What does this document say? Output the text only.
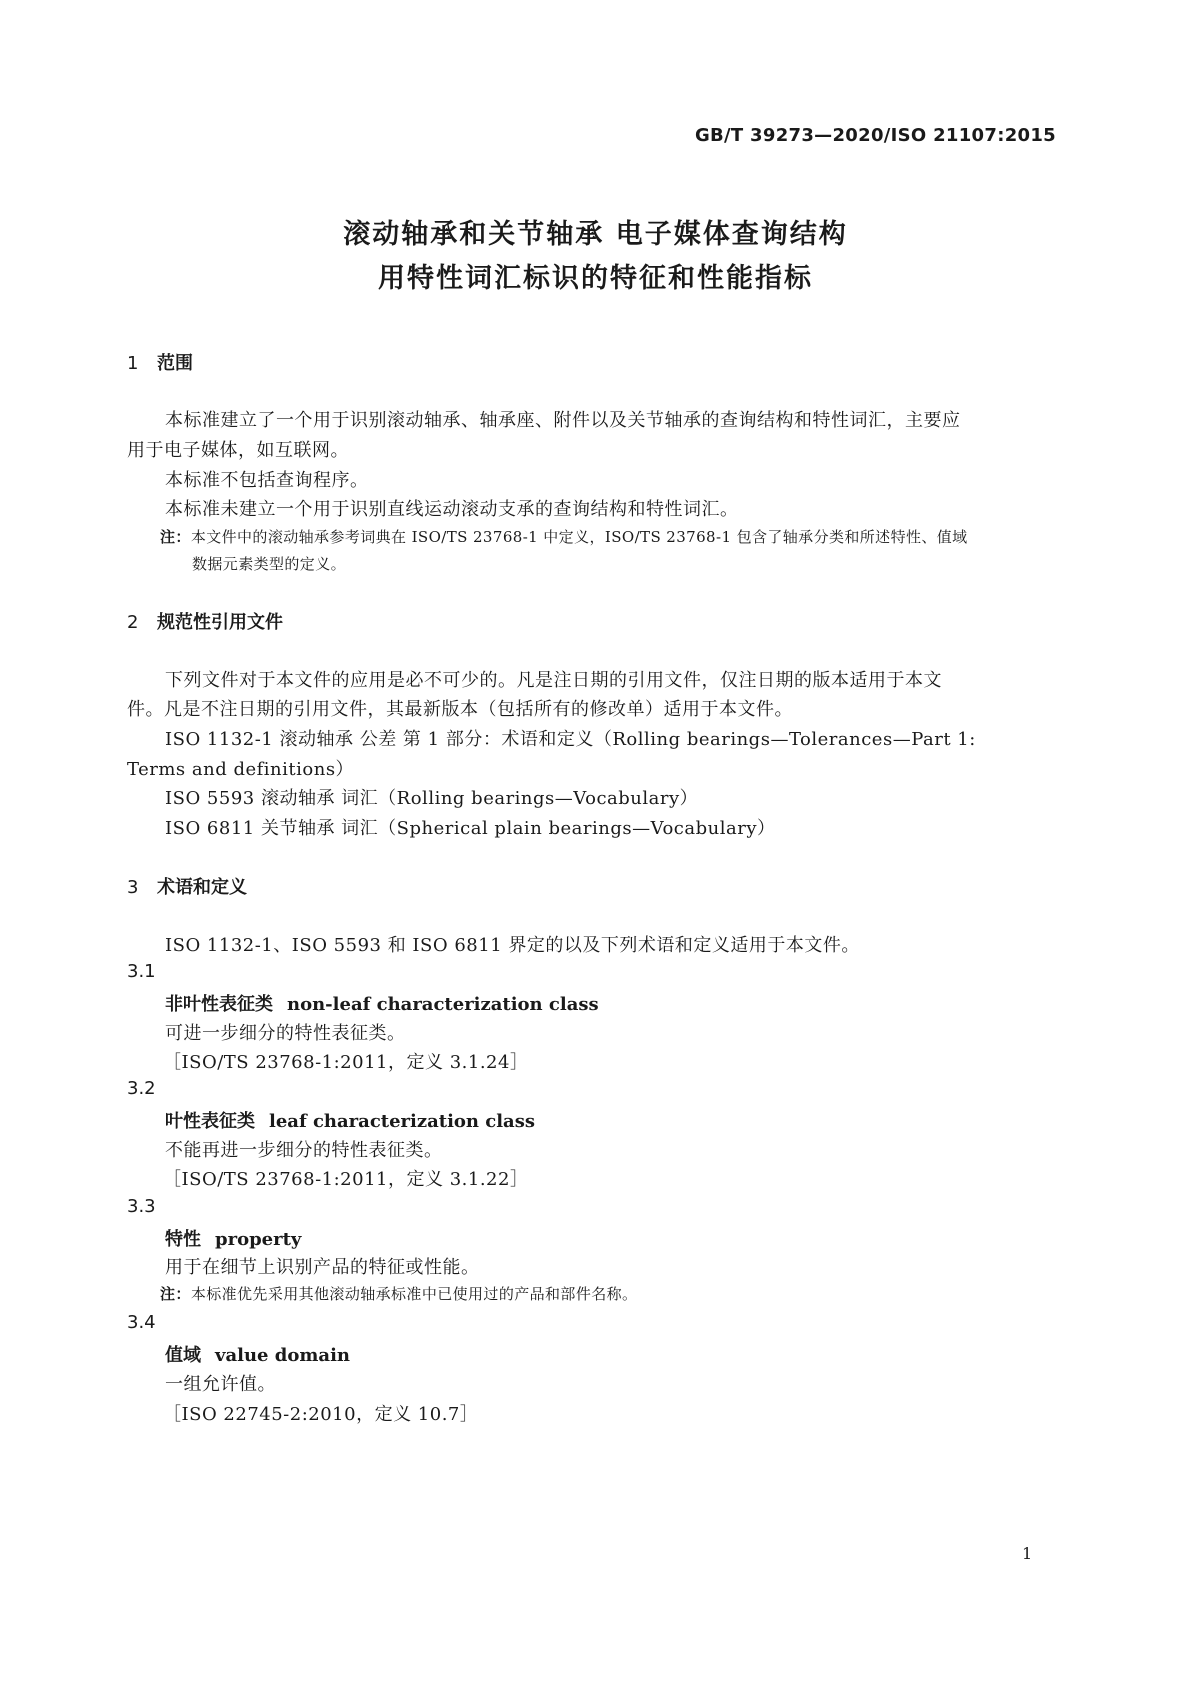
GB/T 39273—2020/ISO 21107:2015
滚动轴承和关节轴承 电子媒体查询结构
用特性词汇标识的特征和性能指标
1 范围
本标准建立了一个用于识别滚动轴承、轴承座、附件以及关节轴承的查询结构和特性词汇，主要应
用于电子媒体，如互联网。
本标准不包括查询程序。
本标准未建立一个用于识别直线运动滚动支承的查询结构和特性词汇。
注：本文件中的滚动轴承参考词典在 ISO/TS 23768-1 中定义，ISO/TS 23768-1 包含了轴承分类和所述特性、值域
数据元素类型的定义。
2 规范性引用文件
下列文件对于本文件的应用是必不可少的。凡是注日期的引用文件，仅注日期的版本适用于本文
件。凡是不注日期的引用文件，其最新版本（包括所有的修改单）适用于本文件。
ISO 1132-1 滚动轴承 公差 第 1 部分：术语和定义（Rolling bearings—Tolerances—Part 1:
Terms and definitions）
ISO 5593 滚动轴承 词汇（Rolling bearings—Vocabulary）
ISO 6811 关节轴承 词汇（Spherical plain bearings—Vocabulary）
3 术语和定义
ISO 1132-1、ISO 5593 和 ISO 6811 界定的以及下列术语和定义适用于本文件。
3.1
非叶性表征类 non-leaf characterization class
可进一步细分的特性表征类。
［ISO/TS 23768-1:2011，定义 3.1.24］
3.2
叶性表征类 leaf characterization class
不能再进一步细分的特性表征类。
［ISO/TS 23768-1:2011，定义 3.1.22］
3.3
特性 property
用于在细节上识别产品的特征或性能。
注：本标准优先采用其他滚动轴承标准中已使用过的产品和部件名称。
3.4
值域 value domain
一组允许值。
［ISO 22745-2:2010，定义 10.7］
1
